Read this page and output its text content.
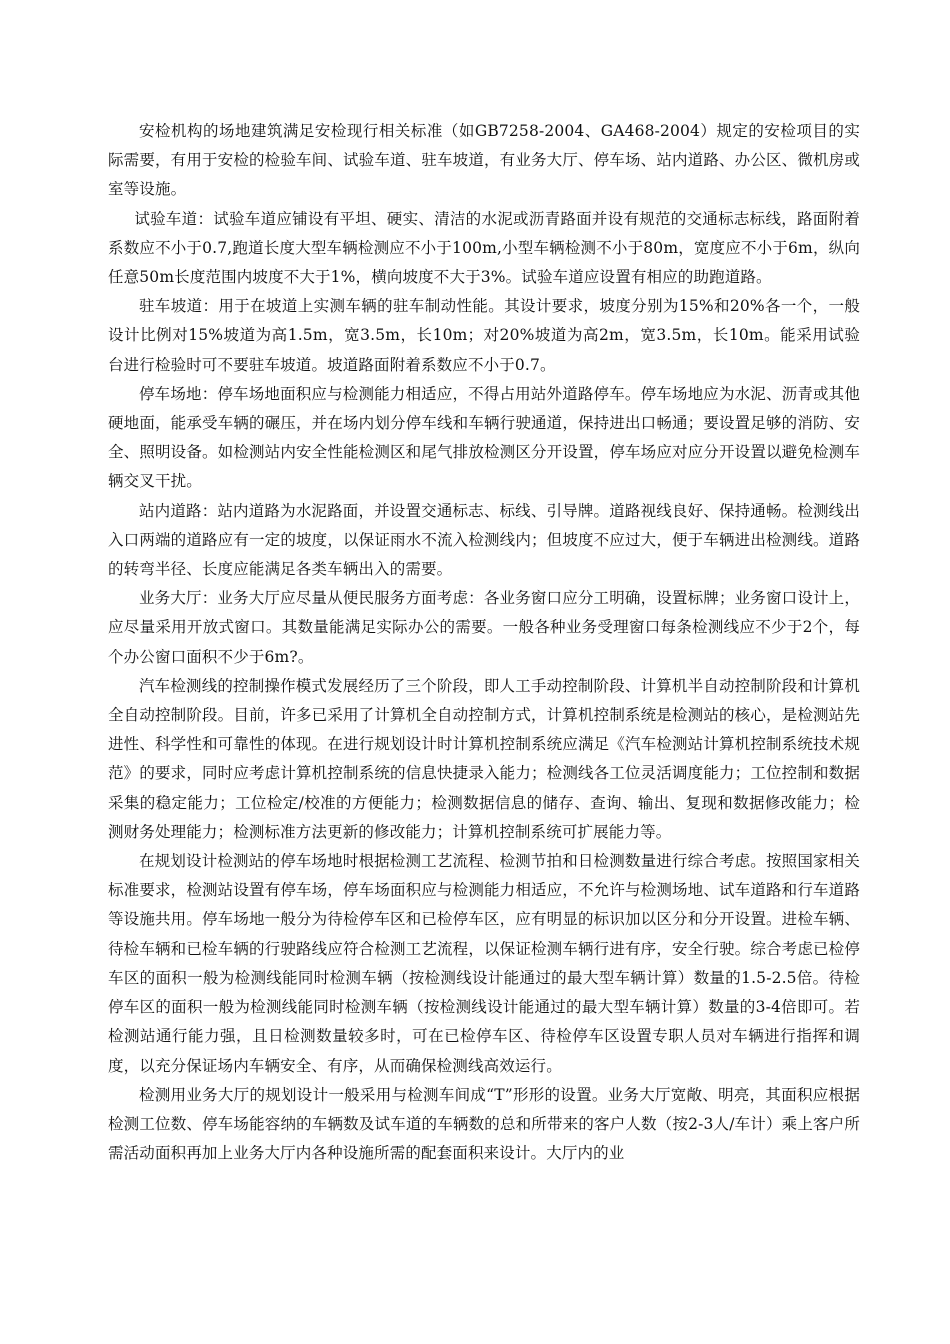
安检机构的场地建筑满足安检现行相关标准（如GB7258-2004、GA468-2004）规定的安检项目的实际需要，有用于安检的检验车间、试验车道、驻车坡道，有业务大厅、停车场、站内道路、办公区、微机房或室等设施。

试验车道：试验车道应铺设有平坦、硬实、清洁的水泥或沥青路面并设有规范的交通标志标线，路面附着系数应不小于0.7,跑道长度大型车辆检测应不小于100m,小型车辆检测不小于80m，宽度应不小于6m，纵向任意50m长度范围内坡度不大于1%，横向坡度不大于3%。试验车道应设置有相应的助跑道路。

驻车坡道：用于在坡道上实测车辆的驻车制动性能。其设计要求，坡度分别为15%和20%各一个，一般设计比例对15%坡道为高1.5m，宽3.5m，长10m；对20%坡道为高2m，宽3.5m，长10m。能采用试验台进行检验时可不要驻车坡道。坡道路面附着系数应不小于0.7。

停车场地：停车场地面积应与检测能力相适应，不得占用站外道路停车。停车场地应为水泥、沥青或其他硬地面，能承受车辆的碾压，并在场内划分停车线和车辆行驶通道，保持进出口畅通；要设置足够的消防、安全、照明设备。如检测站内安全性能检测区和尾气排放检测区分开设置，停车场应对应分开设置以避免检测车辆交叉干扰。

站内道路：站内道路为水泥路面，并设置交通标志、标线、引导牌。道路视线良好、保持通畅。检测线出入口两端的道路应有一定的坡度，以保证雨水不流入检测线内；但坡度不应过大，便于车辆进出检测线。道路的转弯半径、长度应能满足各类车辆出入的需要。

业务大厅：业务大厅应尽量从便民服务方面考虑：各业务窗口应分工明确，设置标牌；业务窗口设计上，应尽量采用开放式窗口。其数量能满足实际办公的需要。一般各种业务受理窗口每条检测线应不少于2个，每个办公窗口面积不少于6m?。

汽车检测线的控制操作模式发展经历了三个阶段，即人工手动控制阶段、计算机半自动控制阶段和计算机全自动控制阶段。目前，许多已采用了计算机全自动控制方式，计算机控制系统是检测站的核心，是检测站先进性、科学性和可靠性的体现。在进行规划设计时计算机控制系统应满足《汽车检测站计算机控制系统技术规范》的要求，同时应考虑计算机控制系统的信息快捷录入能力；检测线各工位灵活调度能力；工位控制和数据采集的稳定能力；工位检定/校准的方便能力；检测数据信息的储存、查询、输出、复现和数据修改能力；检测财务处理能力；检测标准方法更新的修改能力；计算机控制系统可扩展能力等。

在规划设计检测站的停车场地时根据检测工艺流程、检测节拍和日检测数量进行综合考虑。按照国家相关标准要求，检测站设置有停车场，停车场面积应与检测能力相适应，不允许与检测场地、试车道路和行车道路等设施共用。停车场地一般分为待检停车区和已检停车区，应有明显的标识加以区分和分开设置。进检车辆、待检车辆和已检车辆的行驶路线应符合检测工艺流程，以保证检测车辆行进有序，安全行驶。综合考虑已检停车区的面积一般为检测线能同时检测车辆（按检测线设计能通过的最大型车辆计算）数量的1.5-2.5倍。待检停车区的面积一般为检测线能同时检测车辆（按检测线设计能通过的最大型车辆计算）数量的3-4倍即可。若检测站通行能力强，且日检测数量较多时，可在已检停车区、待检停车区设置专职人员对车辆进行指挥和调度，以充分保证场内车辆安全、有序，从而确保检测线高效运行。

检测用业务大厅的规划设计一般采用与检测车间成“T”形形的设置。业务大厅宽敞、明亮，其面积应根据检测工位数、停车场能容纳的车辆数及试车道的车辆数的总和所带来的客户人数（按2-3人/车计）乘上客户所需活动面积再加上业务大厅内各种设施所需的配套面积来设计。大厅内的业
